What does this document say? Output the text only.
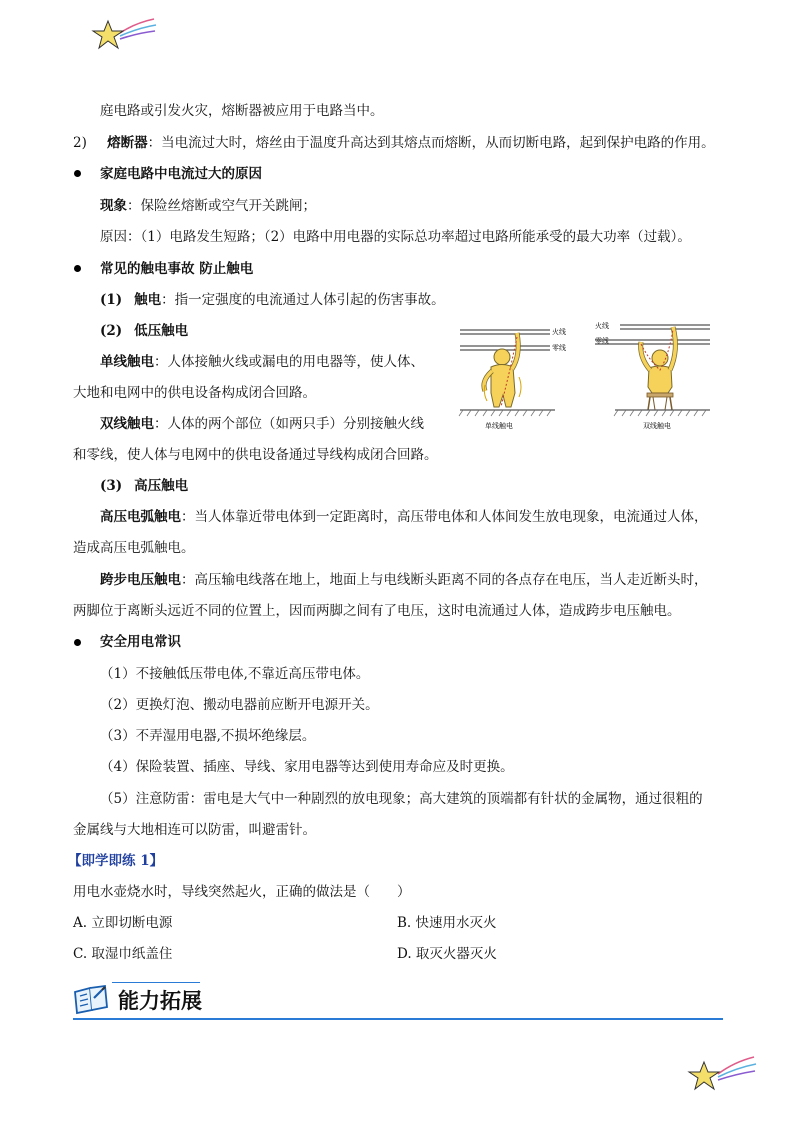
庭电路或引发火灾，熔断器被应用于电路当中。
2) 熔断器：当电流过大时，熔丝由于温度升高达到其熔点而熔断，从而切断电路，起到保护电路的作用。
家庭电路中电流过大的原因
现象：保险丝熔断或空气开关跳闸；
原因：（1）电路发生短路；（2）电路中用电器的实际总功率超过电路所能承受的最大功率（过载）。
常见的触电事故 防止触电
(1) 触电：指一定强度的电流通过人体引起的伤害事故。
(2) 低压触电
单线触电：人体接触火线或漏电的用电器等，使人体、
大地和电网中的供电设备构成闭合回路。
双线触电：人体的两个部位（如两只手）分别接触火线
和零线，使人体与电网中的供电设备通过导线构成闭合回路。
火线
零线
单线触电
火线
零线
双线触电
(3) 高压触电
高压电弧触电：当人体靠近带电体到一定距离时，高压带电体和人体间发生放电现象，电流通过人体，
造成高压电弧触电。
跨步电压触电：高压输电线落在地上，地面上与电线断头距离不同的各点存在电压，当人走近断头时，
两脚位于离断头远近不同的位置上，因而两脚之间有了电压，这时电流通过人体，造成跨步电压触电。
安全用电常识
（1）不接触低压带电体,不靠近高压带电体。
（2）更换灯泡、搬动电器前应断开电源开关。
（3）不弄湿用电器,不损坏绝缘层。
（4）保险装置、插座、导线、家用电器等达到使用寿命应及时更换。
（5）注意防雷：雷电是大气中一种剧烈的放电现象；高大建筑的顶端都有针状的金属物，通过很粗的
金属线与大地相连可以防雷，叫避雷针。
【即学即练 1】
用电水壶烧水时，导线突然起火，正确的做法是（　　）
A. 立即切断电源	B. 快速用水灭火
C. 取湿巾纸盖住	D. 取灭火器灭火
能力拓展
